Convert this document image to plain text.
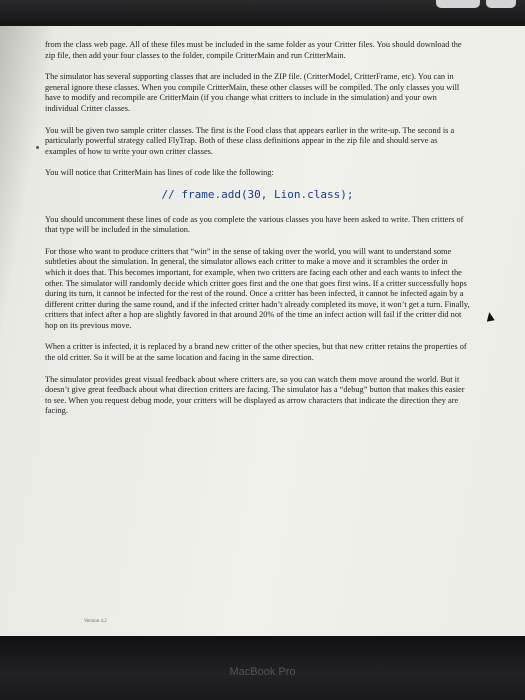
from the class web page. All of these files must be included in the same folder as your Critter files. You should download the zip file, then add your four classes to the folder, compile CritterMain and run CritterMain.

The simulator has several supporting classes that are included in the ZIP file. (CritterModel, CritterFrame, etc). You can in general ignore these classes. When you compile CritterMain, these other classes will be compiled. The only classes you will have to modify and recompile are CritterMain (if you change what critters to include in the simulation) and your own individual Critter classes.

You will be given two sample critter classes. The first is the Food class that appears earlier in the write-up. The second is a particularly powerful strategy called FlyTrap. Both of these class definitions appear in the zip file and should serve as examples of how to write your own critter classes.

You will notice that CritterMain has lines of code like the following:

// frame.add(30, Lion.class);

You should uncomment these lines of code as you complete the various classes you have been asked to write. Then critters of that type will be included in the simulation.

For those who want to produce critters that “win” in the sense of taking over the world, you will want to understand some subtleties about the simulation. In general, the simulator allows each critter to make a move and it scrambles the order in which it does that. This becomes important, for example, when two critters are facing each other and each wants to infect the other. The simulator will randomly decide which critter goes first and the one that goes first wins. If a critter successfully hops during its turn, it cannot be infected for the rest of the round. Once a critter has been infected, it cannot be infected again by a different critter during the same round, and if the infected critter hadn’t already completed its move, it won’t get a turn. Finally, critters that infect after a hop are slightly favored in that around 20% of the time an infect action will fail if the critter did not hop on its previous move.

When a critter is infected, it is replaced by a brand new critter of the other species, but that new critter retains the properties of the old critter. So it will be at the same location and facing in the same direction.

The simulator provides great visual feedback about where critters are, so you can watch them move around the world. But it doesn’t give great feedback about what direction critters are facing. The simulator has a “debug” button that makes this easier to see. When you request debug mode, your critters will be displayed as arrow characters that indicate the direction they are facing.

Version 4.2
MacBook Pro
